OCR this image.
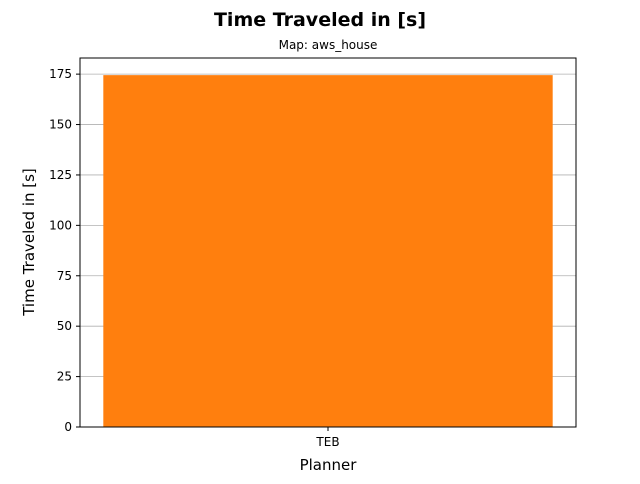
Time Traveled in [s]
Map: aws_house
0
25
50
75
100
125
150
175
TEB
Planner
Time Traveled in [s]
